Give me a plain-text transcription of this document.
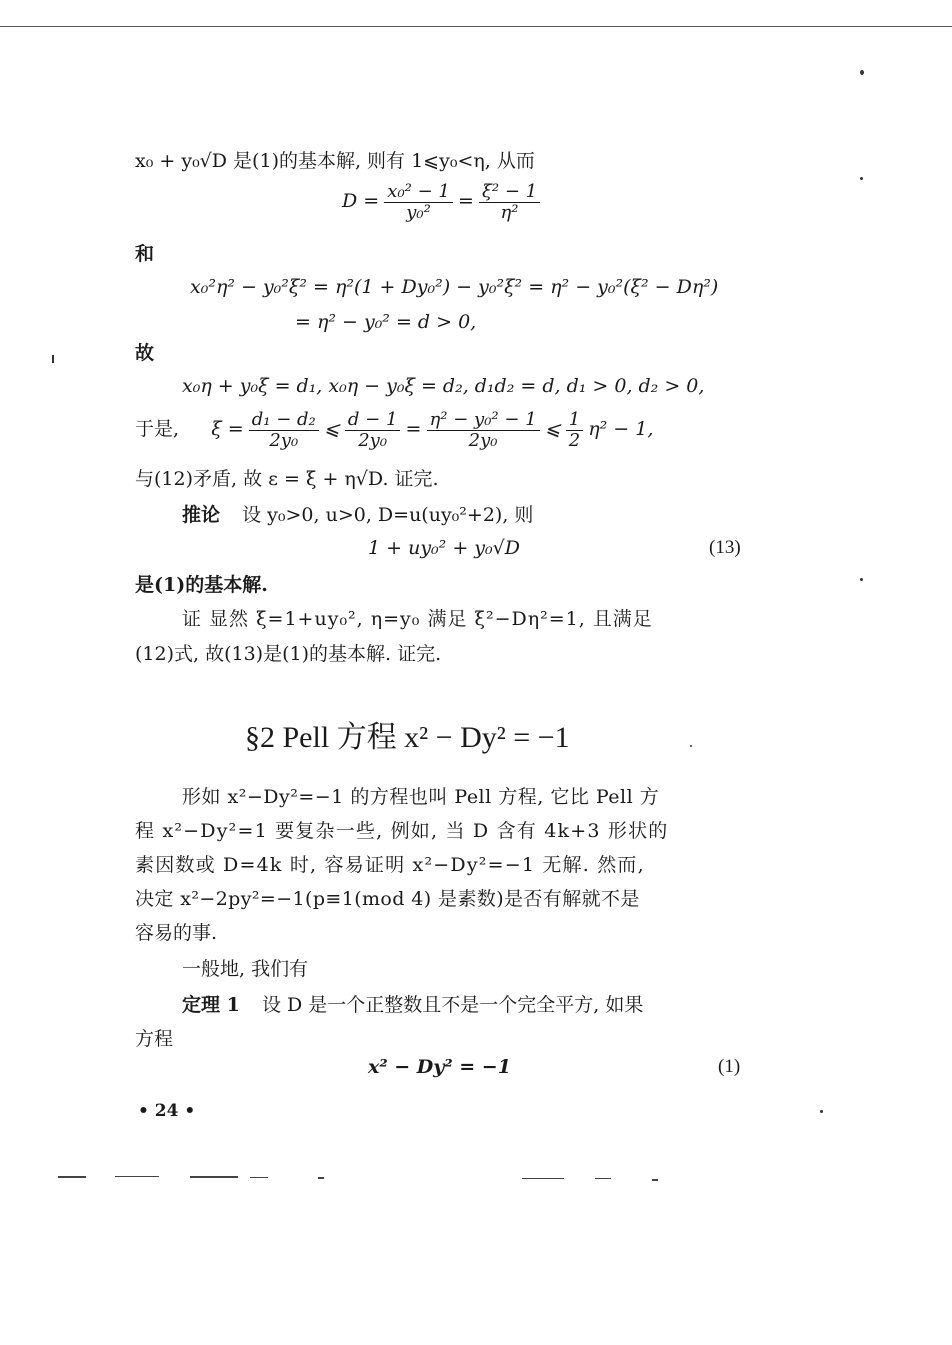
x₀ + y₀√D 是(1)的基本解, 则有 1⩽y₀<η, 从而
$D = \frac{\text{x₀² − 1}}{\text{y₀²}} = \frac{\text{ξ² − 1}}{\text{η²}}$
和
x₀²η² − y₀²ξ² = η²(1 + Dy₀²) − y₀²ξ² = η² − y₀²(ξ² − Dη²)
= η² − y₀² = d > 0,
故
x₀η + y₀ξ = d₁, x₀η − y₀ξ = d₂, d₁d₂ = d, d₁ > 0, d₂ > 0,
于是, $\xi = \frac{\text{d₁ − d₂}}{\text{2y₀}}$ ⩽ $\frac{d - 1}{\text{2y₀}} = \frac{\text{η² − y₀² − 1}}{\text{2y₀}}$ ⩽ $\frac{1}{2} \eta^2 - 1$,
与(12)矛盾, 故 ε = ξ + η√D. 证完.
推论 设 y₀>0, u>0, D=u(uy₀²+2), 则
1 + uy₀² + y₀√D	(13)
是(1)的基本解.
证 显然 ξ=1+uy₀², η=y₀ 满足 ξ²−Dη²=1, 且满足
(12)式, 故(13)是(1)的基本解. 证完.
§2 Pell 方程 x² − Dy² = −1
形如 x²−Dy²=−1 的方程也叫 Pell 方程, 它比 Pell 方
程 x²−Dy²=1 要复杂一些, 例如, 当 D 含有 4k+3 形状的
素因数或 D=4k 时, 容易证明 x²−Dy²=−1 无解. 然而,
决定 x²−2py²=−1(p≡1(mod 4) 是素数)是否有解就不是
容易的事.
一般地, 我们有
定理 1 设 D 是一个正整数且不是一个完全平方, 如果
方程
x² − Dy² = −1	(1)
• 24 •
